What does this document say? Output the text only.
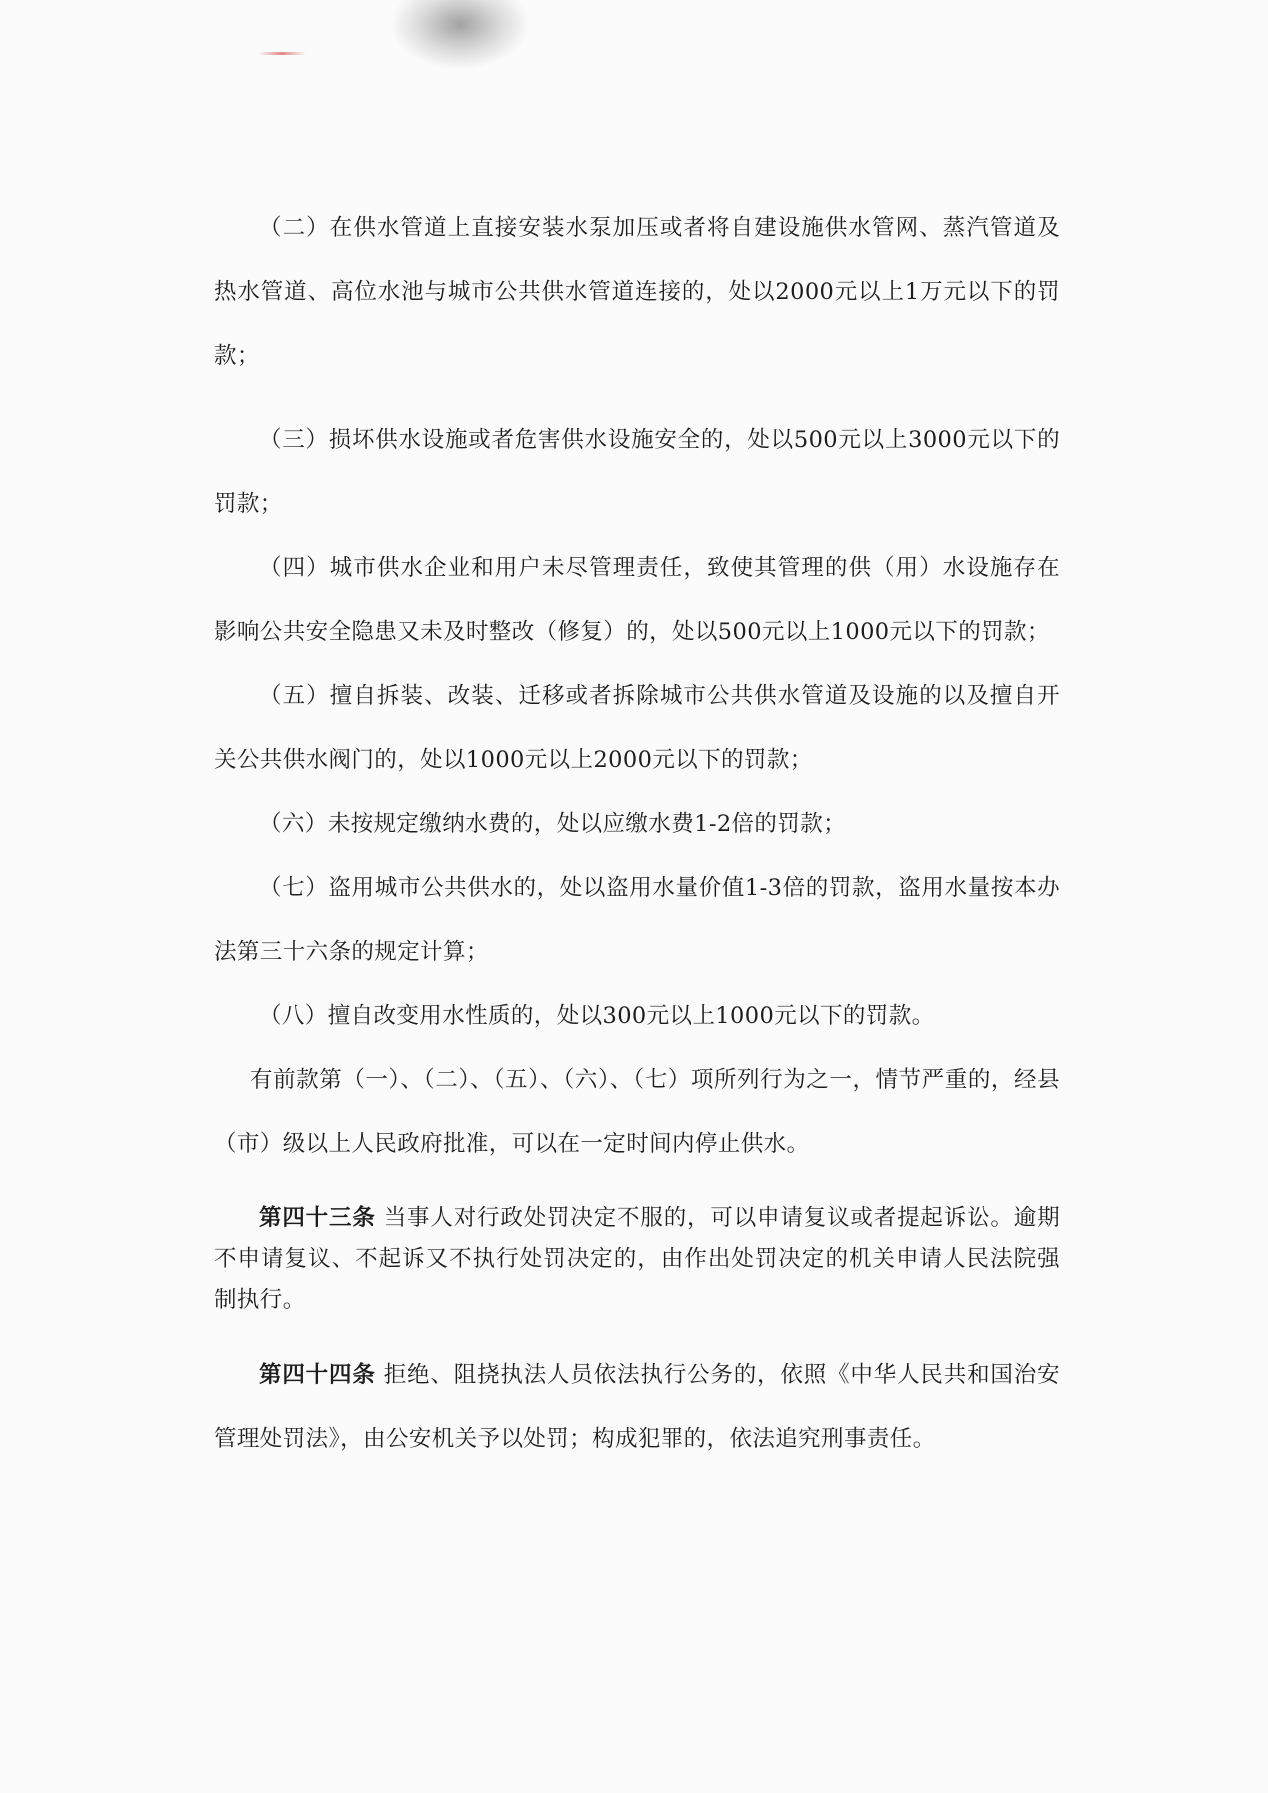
（二）在供水管道上直接安装水泵加压或者将自建设施供水管网、蒸汽管道及热水管道、高位水池与城市公共供水管道连接的，处以2000元以上1万元以下的罚款；

（三）损坏供水设施或者危害供水设施安全的，处以500元以上3000元以下的罚款；

（四）城市供水企业和用户未尽管理责任，致使其管理的供（用）水设施存在影响公共安全隐患又未及时整改（修复）的，处以500元以上1000元以下的罚款；

（五）擅自拆装、改装、迁移或者拆除城市公共供水管道及设施的以及擅自开关公共供水阀门的，处以1000元以上2000元以下的罚款；

（六）未按规定缴纳水费的，处以应缴水费1-2倍的罚款；

（七）盗用城市公共供水的，处以盗用水量价值1-3倍的罚款，盗用水量按本办法第三十六条的规定计算；

（八）擅自改变用水性质的，处以300元以上1000元以下的罚款。

有前款第（一）、（二）、（五）、（六）、（七）项所列行为之一，情节严重的，经县（市）级以上人民政府批准，可以在一定时间内停止供水。

第四十三条 当事人对行政处罚决定不服的，可以申请复议或者提起诉讼。逾期不申请复议、不起诉又不执行处罚决定的，由作出处罚决定的机关申请人民法院强制执行。

第四十四条 拒绝、阻挠执法人员依法执行公务的，依照《中华人民共和国治安管理处罚法》，由公安机关予以处罚；构成犯罪的，依法追究刑事责任。
